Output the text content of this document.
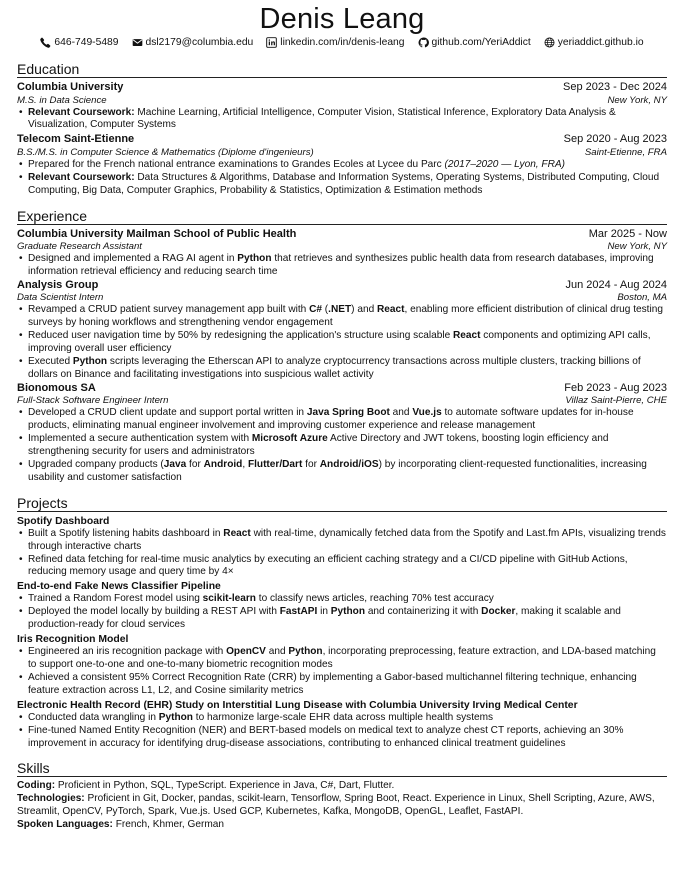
Denis Leang
646-749-5489	dsl2179@columbia.edu	linkedin.com/in/denis-leang	github.com/YeriAddict	yeriaddict.github.io
Education
Columbia University	Sep 2023 - Dec 2024
M.S. in Data Science	New York, NY
• Relevant Coursework: Machine Learning, Artificial Intelligence, Computer Vision, Statistical Inference, Exploratory Data Analysis & Visualization, Computer Systems
Telecom Saint-Etienne	Sep 2020 - Aug 2023
B.S./M.S. in Computer Science & Mathematics (Diplome d'ingenieurs)	Saint-Etienne, FRA
• Prepared for the French national entrance examinations to Grandes Ecoles at Lycee du Parc (2017–2020 — Lyon, FRA)
• Relevant Coursework: Data Structures & Algorithms, Database and Information Systems, Operating Systems, Distributed Computing, Cloud Computing, Big Data, Computer Graphics, Probability & Statistics, Optimization & Estimation methods
Experience
Columbia University Mailman School of Public Health	Mar 2025 - Now
Graduate Research Assistant	New York, NY
• Designed and implemented a RAG AI agent in Python that retrieves and synthesizes public health data from research databases, improving information retrieval efficiency and reducing search time
Analysis Group	Jun 2024 - Aug 2024
Data Scientist Intern	Boston, MA
• Revamped a CRUD patient survey management app built with C# (.NET) and React, enabling more efficient distribution of clinical drug testing surveys by honing workflows and strengthening vendor engagement
• Reduced user navigation time by 50% by redesigning the application's structure using scalable React components and optimizing API calls, improving overall user efficiency
• Executed Python scripts leveraging the Etherscan API to analyze cryptocurrency transactions across multiple clusters, tracking billions of dollars on Binance and facilitating investigations into suspicious wallet activity
Bionomous SA	Feb 2023 - Aug 2023
Full-Stack Software Engineer Intern	Villaz Saint-Pierre, CHE
• Developed a CRUD client update and support portal written in Java Spring Boot and Vue.js to automate software updates for in-house products, eliminating manual engineer involvement and improving customer experience and release management
• Implemented a secure authentication system with Microsoft Azure Active Directory and JWT tokens, boosting login efficiency and strengthening security for users and administrators
• Upgraded company products (Java for Android, Flutter/Dart for Android/iOS) by incorporating client-requested functionalities, increasing usability and customer satisfaction
Projects
Spotify Dashboard
• Built a Spotify listening habits dashboard in React with real-time, dynamically fetched data from the Spotify and Last.fm APIs, visualizing trends through interactive charts
• Refined data fetching for real-time music analytics by executing an efficient caching strategy and a CI/CD pipeline with GitHub Actions, reducing memory usage and query time by 4×
End-to-end Fake News Classifier Pipeline
• Trained a Random Forest model using scikit-learn to classify news articles, reaching 70% test accuracy
• Deployed the model locally by building a REST API with FastAPI in Python and containerizing it with Docker, making it scalable and production-ready for cloud services
Iris Recognition Model
• Engineered an iris recognition package with OpenCV and Python, incorporating preprocessing, feature extraction, and LDA-based matching to support one-to-one and one-to-many biometric recognition modes
• Achieved a consistent 95% Correct Recognition Rate (CRR) by implementing a Gabor-based multichannel filtering technique, enhancing feature extraction across L1, L2, and Cosine similarity metrics
Electronic Health Record (EHR) Study on Interstitial Lung Disease with Columbia University Irving Medical Center
• Conducted data wrangling in Python to harmonize large-scale EHR data across multiple health systems
• Fine-tuned Named Entity Recognition (NER) and BERT-based models on medical text to analyze chest CT reports, achieving an 30% improvement in accuracy for identifying drug-disease associations, contributing to enhanced clinical treatment guidelines
Skills

Coding: Proficient in Python, SQL, TypeScript. Experience in Java, C#, Dart, Flutter.

Technologies: Proficient in Git, Docker, pandas, scikit-learn, Tensorflow, Spring Boot, React. Experience in Linux, Shell Scripting, Azure, AWS, Streamlit, OpenCV, PyTorch, Spark, Vue.js. Used GCP, Kubernetes, Kafka, MongoDB, OpenGL, Leaflet, FastAPI.

Spoken Languages: French, Khmer, German
